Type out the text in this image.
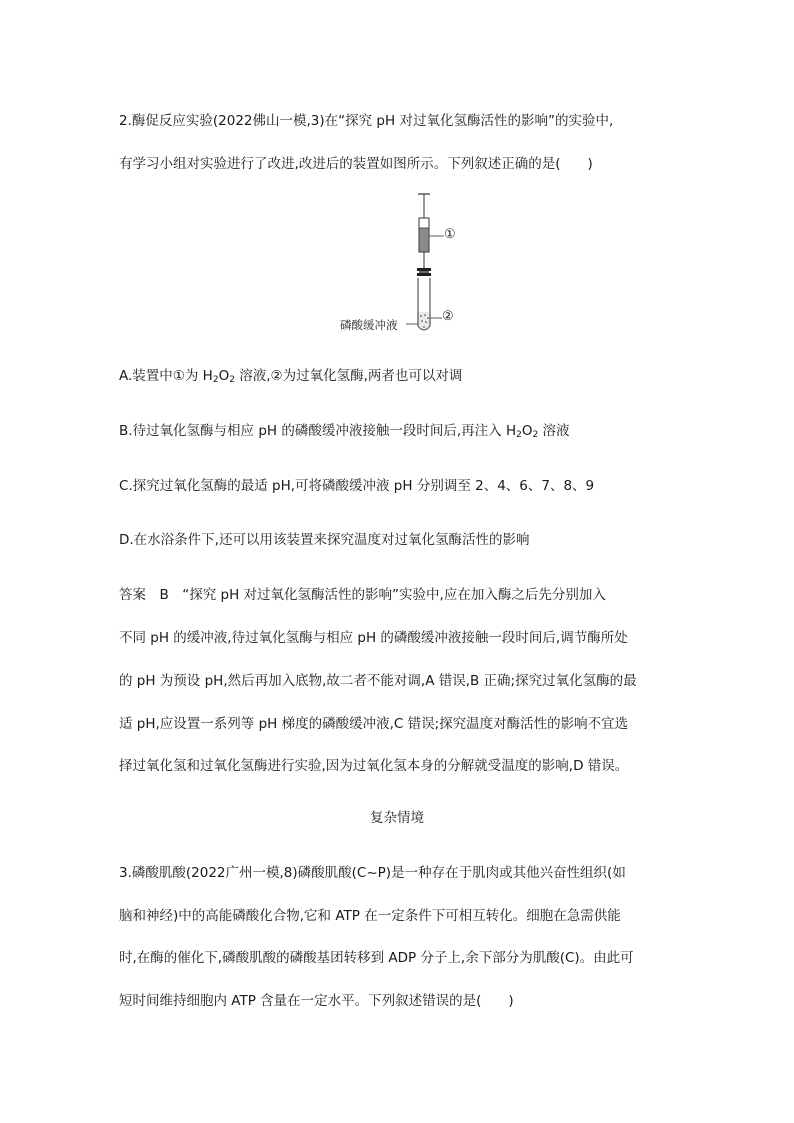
2.酶促反应实验(2022佛山一模,3)在“探究 pH 对过氧化氢酶活性的影响”的实验中,
有学习小组对实验进行了改进,改进后的装置如图所示。下列叙述正确的是(　　)
①
②
磷酸缓冲液
A.装置中①为 $H_2O_2$ 溶液,②为过氧化氢酶,两者也可以对调
B.待过氧化氢酶与相应 pH 的磷酸缓冲液接触一段时间后,再注入 $H_2O_2$ 溶液
C.探究过氧化氢酶的最适 pH,可将磷酸缓冲液 pH 分别调至 2、4、6、7、8、9
D.在水浴条件下,还可以用该装置来探究温度对过氧化氢酶活性的影响
答案　B　“探究 pH 对过氧化氢酶活性的影响”实验中,应在加入酶之后先分别加入
不同 pH 的缓冲液,待过氧化氢酶与相应 pH 的磷酸缓冲液接触一段时间后,调节酶所处
的 pH 为预设 pH,然后再加入底物,故二者不能对调,A 错误,B 正确;探究过氧化氢酶的最
适 pH,应设置一系列等 pH 梯度的磷酸缓冲液,C 错误;探究温度对酶活性的影响不宜选
择过氧化氢和过氧化氢酶进行实验,因为过氧化氢本身的分解就受温度的影响,D 错误。
复杂情境
3.磷酸肌酸(2022广州一模,8)磷酸肌酸(C~P)是一种存在于肌肉或其他兴奋性组织(如
脑和神经)中的高能磷酸化合物,它和 ATP 在一定条件下可相互转化。细胞在急需供能
时,在酶的催化下,磷酸肌酸的磷酸基团转移到 ADP 分子上,余下部分为肌酸(C)。由此可
短时间维持细胞内 ATP 含量在一定水平。下列叙述错误的是(　　)
